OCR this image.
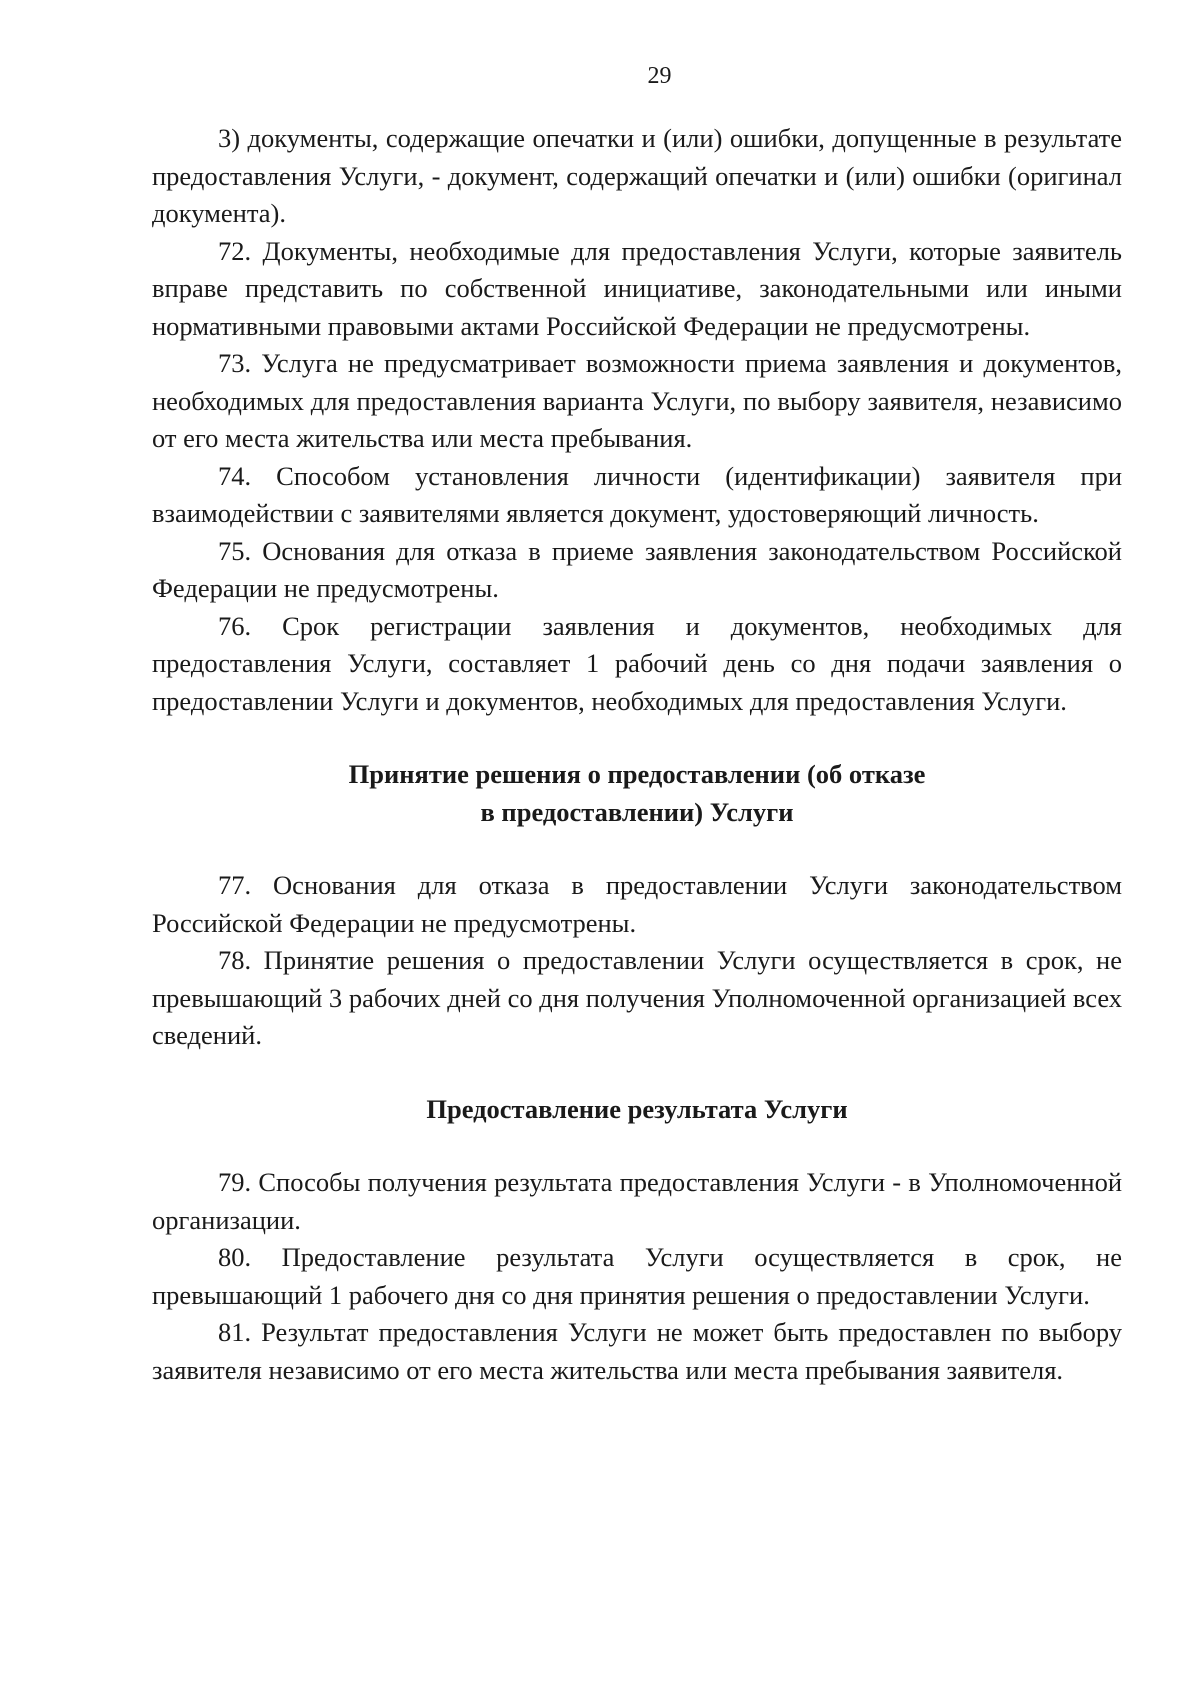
29

3) документы, содержащие опечатки и (или) ошибки, допущенные в результате предоставления Услуги, - документ, содержащий опечатки и (или) ошибки (оригинал документа).

72. Документы, необходимые для предоставления Услуги, которые заявитель вправе представить по собственной инициативе, законодательными или иными нормативными правовыми актами Российской Федерации не предусмотрены.

73. Услуга не предусматривает возможности приема заявления и документов, необходимых для предоставления варианта Услуги, по выбору заявителя, независимо от его места жительства или места пребывания.

74. Способом установления личности (идентификации) заявителя при взаимодействии с заявителями является документ, удостоверяющий личность.

75. Основания для отказа в приеме заявления законодательством Российской Федерации не предусмотрены.

76. Срок регистрации заявления и документов, необходимых для предоставления Услуги, составляет 1 рабочий день со дня подачи заявления о предоставлении Услуги и документов, необходимых для предоставления Услуги.

Принятие решения о предоставлении (об отказе
в предоставлении) Услуги

77. Основания для отказа в предоставлении Услуги законодательством Российской Федерации не предусмотрены.

78. Принятие решения о предоставлении Услуги осуществляется в срок, не превышающий 3 рабочих дней со дня получения Уполномоченной организацией всех сведений.

Предоставление результата Услуги

79. Способы получения результата предоставления Услуги - в Уполномоченной организации.

80. Предоставление результата Услуги осуществляется в срок, не превышающий 1 рабочего дня со дня принятия решения о предоставлении Услуги.

81. Результат предоставления Услуги не может быть предоставлен по выбору заявителя независимо от его места жительства или места пребывания заявителя.
